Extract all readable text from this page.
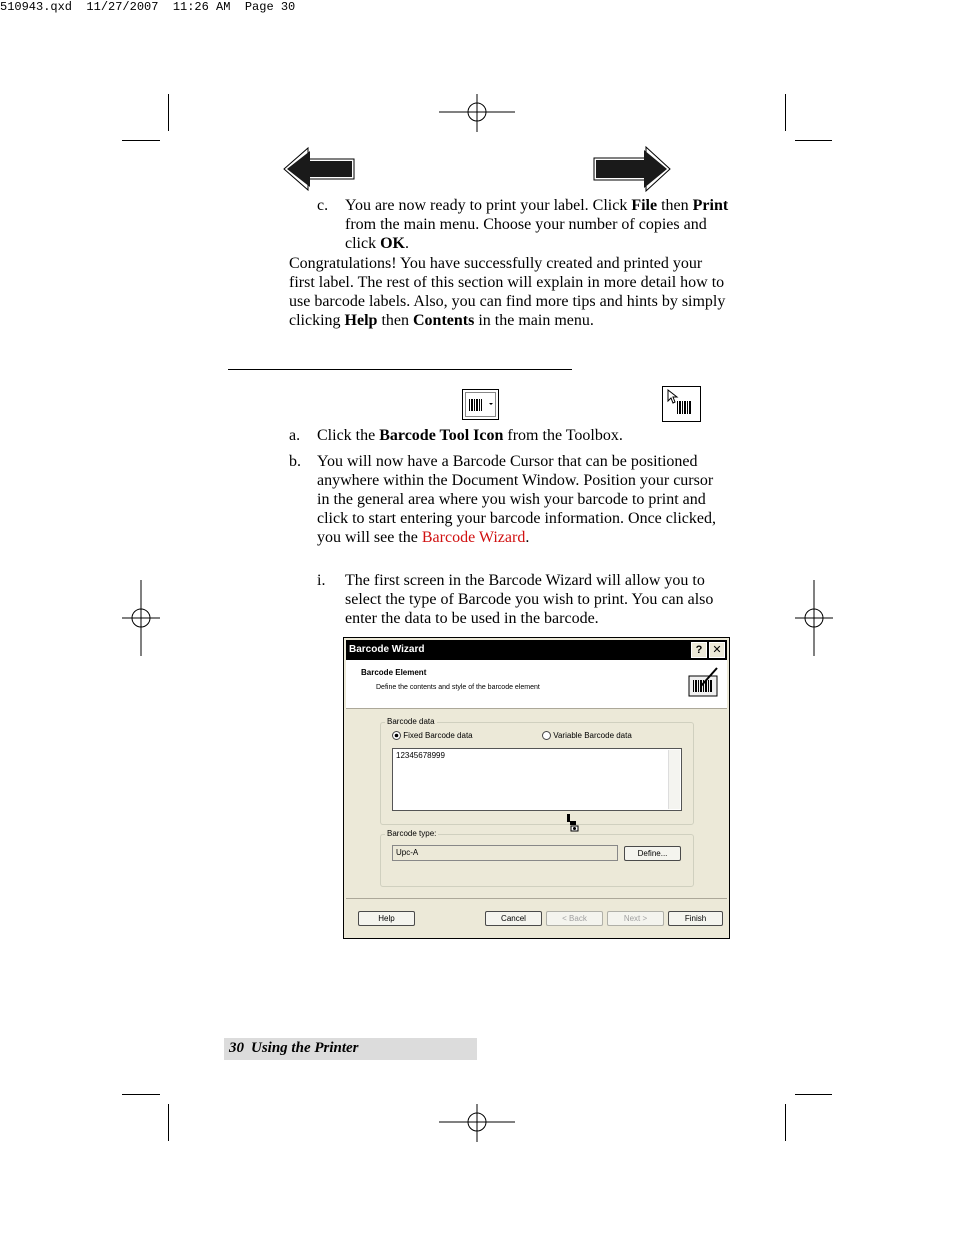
510943.qxd  11/27/2007  11:26 AM  Page 30
c. You are now ready to print your label. Click File then Print from the main menu. Choose your number of copies and click OK.
Congratulations! You have successfully created and printed your first label. The rest of this section will explain in more detail how to use barcode labels. Also, you can find more tips and hints by simply clicking Help then Contents in the main menu.
a. Click the Barcode Tool Icon from the Toolbox.
b. You will now have a Barcode Cursor that can be positioned anywhere within the Document Window. Position your cursor in the general area where you wish your barcode to print and click to start entering your barcode information. Once clicked, you will see the Barcode Wizard.
i. The first screen in the Barcode Wizard will allow you to select the type of Barcode you wish to print. You can also enter the data to be used in the barcode.
Barcode Wizard	? ✕
Barcode Element
Define the contents and style of the barcode element
Barcode data
Fixed Barcode data	Variable Barcode data
12345678999
Barcode type:
Upc-A	Define...
Help	Cancel	< Back	Next >	Finish
30 Using the Printer
